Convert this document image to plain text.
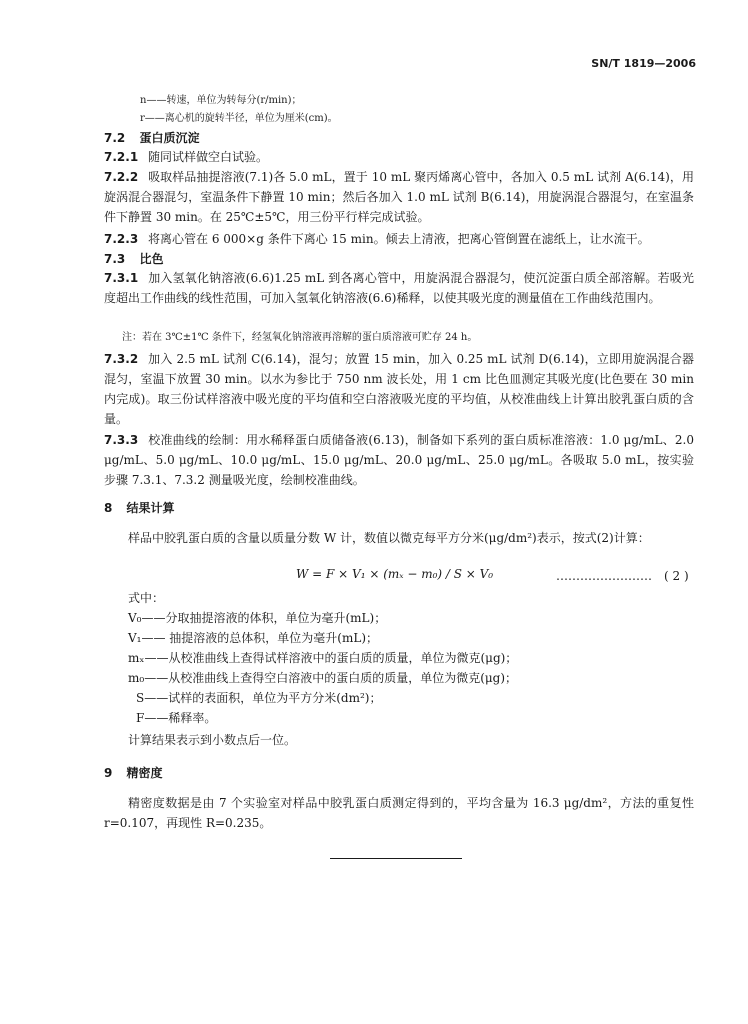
SN/T 1819—2006
n——转速，单位为转每分(r/min)；
r——离心机的旋转半径，单位为厘米(cm)。
7.2 蛋白质沉淀
7.2.1 随同试样做空白试验。
7.2.2 吸取样品抽提溶液(7.1)各 5.0 mL，置于 10 mL 聚丙烯离心管中，各加入 0.5 mL 试剂 A(6.14)，用旋涡混合器混匀，室温条件下静置 10 min；然后各加入 1.0 mL 试剂 B(6.14)，用旋涡混合器混匀，在室温条件下静置 30 min。在 25℃±5℃，用三份平行样完成试验。
7.2.3 将离心管在 6 000×g 条件下离心 15 min。倾去上清液，把离心管倒置在滤纸上，让水流干。
7.3 比色
7.3.1 加入氢氧化钠溶液(6.6)1.25 mL 到各离心管中，用旋涡混合器混匀，使沉淀蛋白质全部溶解。若吸光度超出工作曲线的线性范围，可加入氢氧化钠溶液(6.6)稀释，以使其吸光度的测量值在工作曲线范围内。
注：若在 3℃±1℃ 条件下，经氢氧化钠溶液再溶解的蛋白质溶液可贮存 24 h。
7.3.2 加入 2.5 mL 试剂 C(6.14)，混匀；放置 15 min，加入 0.25 mL 试剂 D(6.14)，立即用旋涡混合器混匀，室温下放置 30 min。以水为参比于 750 nm 波长处，用 1 cm 比色皿测定其吸光度(比色要在 30 min内完成)。取三份试样溶液中吸光度的平均值和空白溶液吸光度的平均值，从校准曲线上计算出胶乳蛋白质的含量。
7.3.3 校准曲线的绘制：用水稀释蛋白质储备液(6.13)，制备如下系列的蛋白质标准溶液：1.0 μg/mL、2.0 μg/mL、5.0 μg/mL、10.0 μg/mL、15.0 μg/mL、20.0 μg/mL、25.0 μg/mL。各吸取 5.0 mL，按实验步骤 7.3.1、7.3.2 测量吸光度，绘制校准曲线。
8 结果计算
样品中胶乳蛋白质的含量以质量分数 W 计，数值以微克每平方分米(μg/dm²)表示，按式(2)计算：
W = F × V₁ × (mₓ − m₀) / S × V₀	…………………… ( 2 )
式中：
V₀——分取抽提溶液的体积，单位为毫升(mL)；
V₁—— 抽提溶液的总体积，单位为毫升(mL)；
mₓ——从校准曲线上查得试样溶液中的蛋白质的质量，单位为微克(μg)；
m₀——从校准曲线上查得空白溶液中的蛋白质的质量，单位为微克(μg)；
S——试样的表面积，单位为平方分米(dm²)；
F——稀释率。
计算结果表示到小数点后一位。
9 精密度
精密度数据是由 7 个实验室对样品中胶乳蛋白质测定得到的，平均含量为 16.3 μg/dm²，方法的重复性 r=0.107，再现性 R=0.235。
